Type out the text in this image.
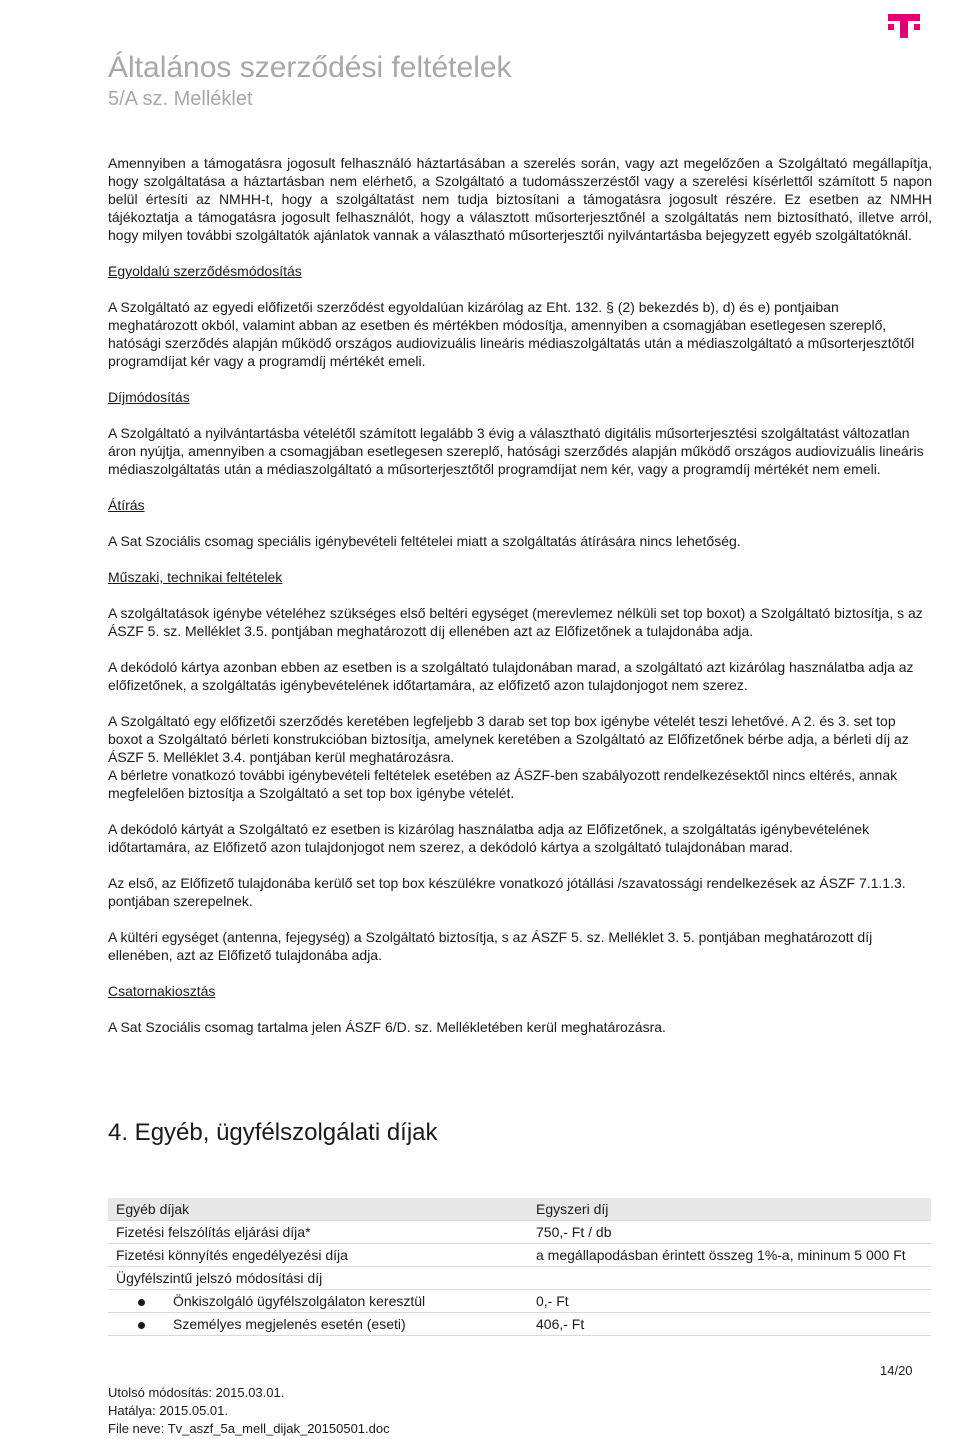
Általános szerződési feltételek
5/A sz. Melléklet

Amennyiben a támogatásra jogosult felhasználó háztartásában a szerelés során, vagy azt megelőzően a Szolgáltató megállapítja, hogy szolgáltatása a háztartásban nem elérhető, a Szolgáltató a tudomásszerzéstől vagy a szerelési kísérlettől számított 5 napon belül értesíti az NMHH-t, hogy a szolgáltatást nem tudja biztosítani a támogatásra jogosult részére. Ez esetben az NMHH tájékoztatja a támogatásra jogosult felhasználót, hogy a választott műsorterjesztőnél a szolgáltatás nem biztosítható, illetve arról, hogy milyen további szolgáltatók ajánlatok vannak a választható műsorterjesztői nyilvántartásba bejegyzett egyéb szolgáltatóknál.

Egyoldalú szerződésmódosítás

A Szolgáltató az egyedi előfizetői szerződést egyoldalúan kizárólag az Eht. 132. § (2) bekezdés b), d) és e) pontjaiban meghatározott okból, valamint abban az esetben és mértékben módosítja, amennyiben a csomagjában esetlegesen szereplő, hatósági szerződés alapján működő országos audiovizuális lineáris médiaszolgáltatás után a médiaszolgáltató a műsorterjesztőtől programdíjat kér vagy a programdíj mértékét emeli.

Díjmódosítás

A Szolgáltató a nyilvántartásba vételétől számított legalább 3 évig a választható digitális műsorterjesztési szolgáltatást változatlan áron nyújtja, amennyiben a csomagjában esetlegesen szereplő, hatósági szerződés alapján működő országos audiovizuális lineáris médiaszolgáltatás után a médiaszolgáltató a műsorterjesztőtől programdíjat nem kér, vagy a programdíj mértékét nem emeli.

Átírás

A Sat Szociális csomag speciális igénybevételi feltételei miatt a szolgáltatás átírására nincs lehetőség.

Műszaki, technikai feltételek

A szolgáltatások igénybe vételéhez szükséges első beltéri egységet (merevlemez nélküli set top boxot) a Szolgáltató biztosítja, s az ÁSZF 5. sz. Melléklet 3.5. pontjában meghatározott díj ellenében azt az Előfizetőnek a tulajdonába adja.

A dekódoló kártya azonban ebben az esetben is a szolgáltató tulajdonában marad, a szolgáltató azt kizárólag használatba adja az előfizetőnek, a szolgáltatás igénybevételének időtartamára, az előfizető azon tulajdonjogot nem szerez.

A Szolgáltató egy előfizetői szerződés keretében legfeljebb 3 darab set top box igénybe vételét teszi lehetővé. A 2. és 3. set top boxot a Szolgáltató bérleti konstrukcióban biztosítja, amelynek keretében a Szolgáltató az Előfizetőnek bérbe adja, a bérleti díj az ÁSZF 5. Melléklet 3.4. pontjában kerül meghatározásra.

A bérletre vonatkozó további igénybevételi feltételek esetében az ÁSZF-ben szabályozott rendelkezésektől nincs eltérés, annak megfelelően biztosítja a Szolgáltató a set top box igénybe vételét.

A dekódoló kártyát a Szolgáltató ez esetben is kizárólag használatba adja az Előfizetőnek, a szolgáltatás igénybevételének időtartamára, az Előfizető azon tulajdonjogot nem szerez, a dekódoló kártya a szolgáltató tulajdonában marad.

Az első, az Előfizető tulajdonába kerülő set top box készülékre vonatkozó jótállási /szavatossági rendelkezések az ÁSZF 7.1.1.3. pontjában szerepelnek.

A kültéri egységet (antenna, fejegység) a Szolgáltató biztosítja, s az ÁSZF 5. sz. Melléklet 3. 5. pontjában meghatározott díj ellenében, azt az Előfizető tulajdonába adja.

Csatornakiosztás

A Sat Szociális csomag tartalma jelen ÁSZF 6/D. sz. Mellékletében kerül meghatározásra.

4. Egyéb, ügyfélszolgálati díjak
Egyéb díjak	Egyszeri díj
Fizetési felszólítás eljárási díja*	750,- Ft / db
Fizetési könnyítés engedélyezési díja	a megállapodásban érintett összeg 1%-a, mininum 5 000 Ft
Ügyfélszintű jelszó módosítási díj	
Önkiszolgáló ügyfélszolgálaton keresztül	0,- Ft
Személyes megjelenés esetén (eseti)	406,- Ft
14/20
Utolsó módosítás: 2015.03.01.
Hatálya: 2015.05.01.
File neve: Tv_aszf_5a_mell_dijak_20150501.doc
